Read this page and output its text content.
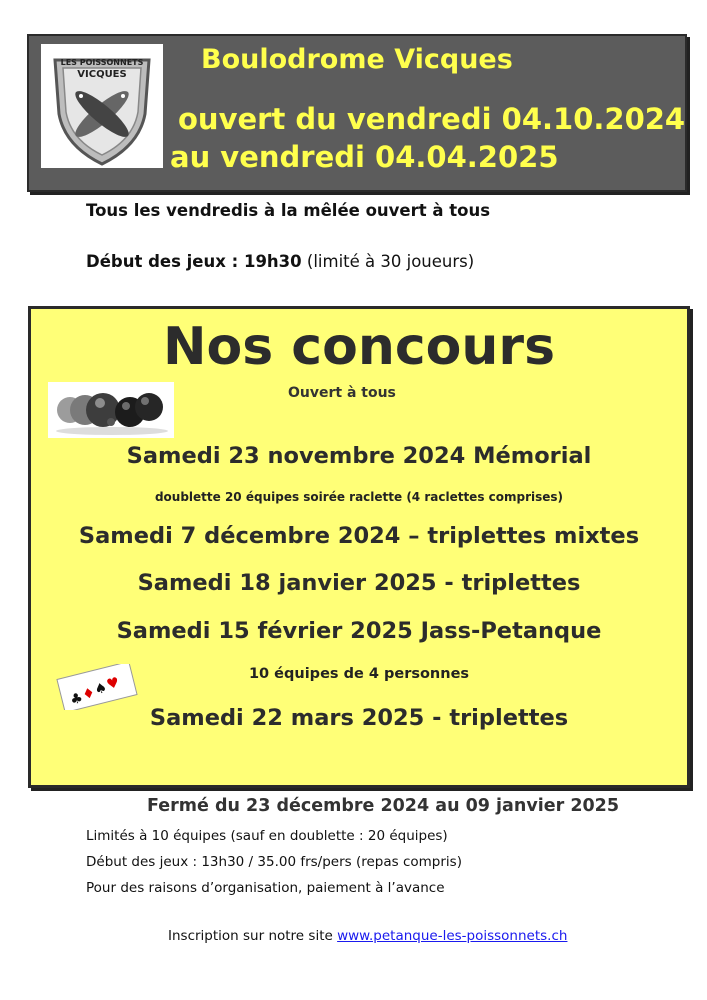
LES POISSONNETS
VICQUES	Boulodrome Vicques
ouvert du vendredi 04.10.2024
au vendredi 04.04.2025
Tous les vendredis à la mêlée ouvert à tous
Début des jeux : 19h30 (limité à 30 joueurs)
Nos concours
Ouvert à tous
Samedi 23 novembre 2024 Mémorial
doublette 20 équipes soirée raclette (4 raclettes comprises)
Samedi 7 décembre 2024 – triplettes mixtes
Samedi 18 janvier 2025 - triplettes
Samedi 15 février 2025 Jass-Petanque
10 équipes de 4 personnes
♣
♦
♠
♥
Samedi 22 mars 2025 - triplettes
Fermé du 23 décembre 2024 au 09 janvier 2025
Limités à 10 équipes (sauf en doublette : 20 équipes)
Début des jeux : 13h30 / 35.00 frs/pers (repas compris)
Pour des raisons d’organisation, paiement à l’avance
Inscription sur notre site www.petanque-les-poissonnets.ch
